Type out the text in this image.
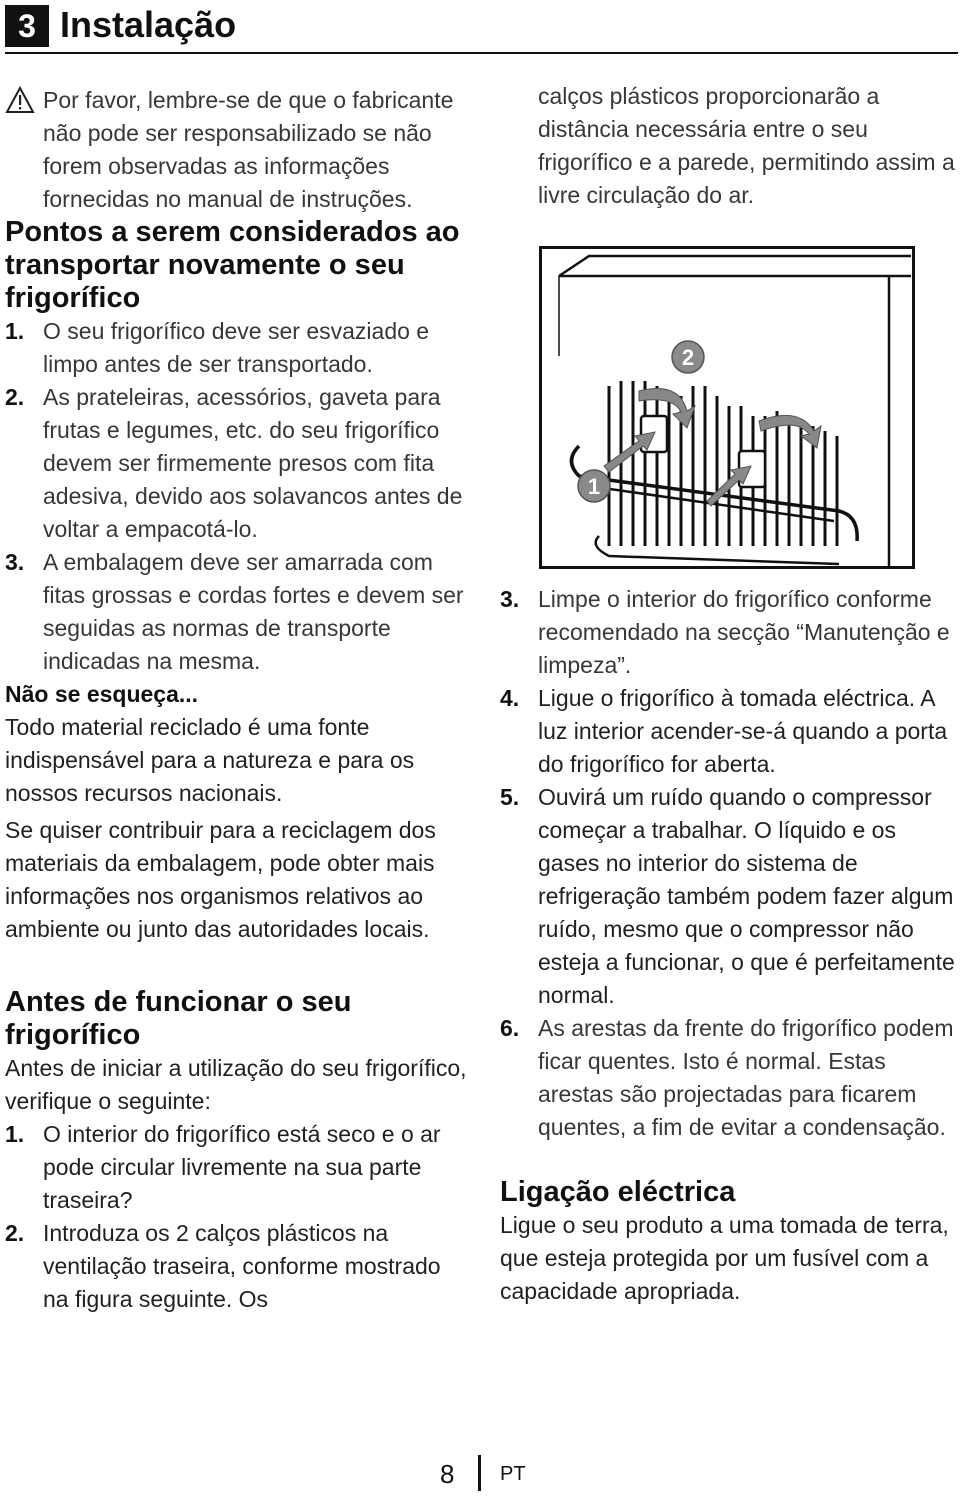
3 Instalação
Por favor, lembre-se de que o fabricante não pode ser responsabilizado se não forem observadas as informações fornecidas no manual de instruções.

Pontos a serem considerados ao transportar novamente o seu frigorífico

1. O seu frigorífico deve ser esvaziado e limpo antes de ser transportado.
2. As prateleiras, acessórios, gaveta para frutas e legumes, etc. do seu frigorífico devem ser firmemente presos com fita adesiva, devido aos solavancos antes de voltar a empacotá-lo.
3. A embalagem deve ser amarrada com fitas grossas e cordas fortes e devem ser seguidas as normas de transporte indicadas na mesma.

Não se esqueça...

Todo material reciclado é uma fonte indispensável para a natureza e para os nossos recursos nacionais.

Se quiser contribuir para a reciclagem dos materiais da embalagem, pode obter mais informações nos organismos relativos ao ambiente ou junto das autoridades locais.

Antes de funcionar o seu frigorífico

Antes de iniciar a utilização do seu frigorífico, verifique o seguinte:

1. O interior do frigorífico está seco e o ar pode circular livremente na sua parte traseira?
2. Introduza os 2 calços plásticos na ventilação traseira, conforme mostrado na figura seguinte. Os

calços plásticos proporcionarão a distância necessária entre o seu frigorífico e a parede, permitindo assim a livre circulação do ar.

2
1
3. Limpe o interior do frigorífico conforme recomendado na secção “Manutenção e limpeza”.
4. Ligue o frigorífico à tomada eléctrica. A luz interior acender-se-á quando a porta do frigorífico for aberta.
5. Ouvirá um ruído quando o compressor começar a trabalhar. O líquido e os gases no interior do sistema de refrigeração também podem fazer algum ruído, mesmo que o compressor não esteja a funcionar, o que é perfeitamente normal.
6. As arestas da frente do frigorífico podem ficar quentes. Isto é normal. Estas arestas são projectadas para ficarem quentes, a fim de evitar a condensação.

Ligação eléctrica

Ligue o seu produto a uma tomada de terra, que esteja protegida por um fusível com a capacidade apropriada.

8 PT
